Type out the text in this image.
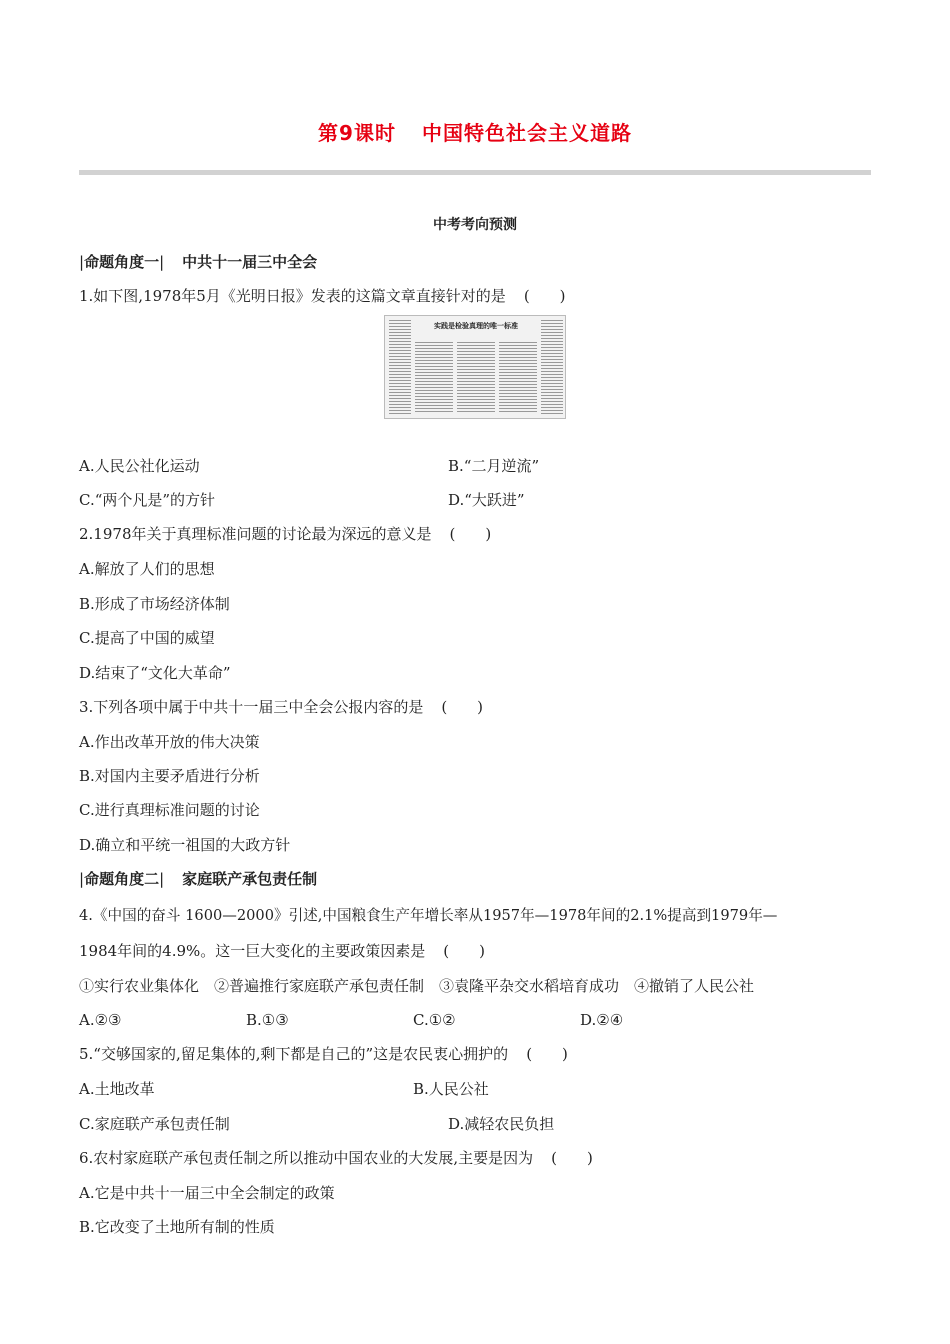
第9课时 中国特色社会主义道路
中考考向预测
|命题角度一| 中共十一届三中全会
1.如下图,1978年5月《光明日报》发表的这篇文章直接针对的是 (　　)
实践是检验真理的唯一标准
A.人民公社化运动	B.“二月逆流”
C.“两个凡是”的方针	D.“大跃进”
2.1978年关于真理标准问题的讨论最为深远的意义是 (　　)
A.解放了人们的思想
B.形成了市场经济体制
C.提高了中国的威望
D.结束了“文化大革命”
3.下列各项中属于中共十一届三中全会公报内容的是 (　　)
A.作出改革开放的伟大决策
B.对国内主要矛盾进行分析
C.进行真理标准问题的讨论
D.确立和平统一祖国的大政方针
|命题角度二| 家庭联产承包责任制
4.《中国的奋斗 1600—2000》引述,中国粮食生产年增长率从1957年—1978年间的2.1%提高到1979年—
1984年间的4.9%。这一巨大变化的主要政策因素是 (　　)
①实行农业集体化　②普遍推行家庭联产承包责任制　③袁隆平杂交水稻培育成功　④撤销了人民公社
A.②③	B.①③	C.①②	D.②④
5.“交够国家的,留足集体的,剩下都是自己的”这是农民衷心拥护的 (　　)
A.土地改革	B.人民公社
C.家庭联产承包责任制	D.减轻农民负担
6.农村家庭联产承包责任制之所以推动中国农业的大发展,主要是因为 (　　)
A.它是中共十一届三中全会制定的政策
B.它改变了土地所有制的性质
